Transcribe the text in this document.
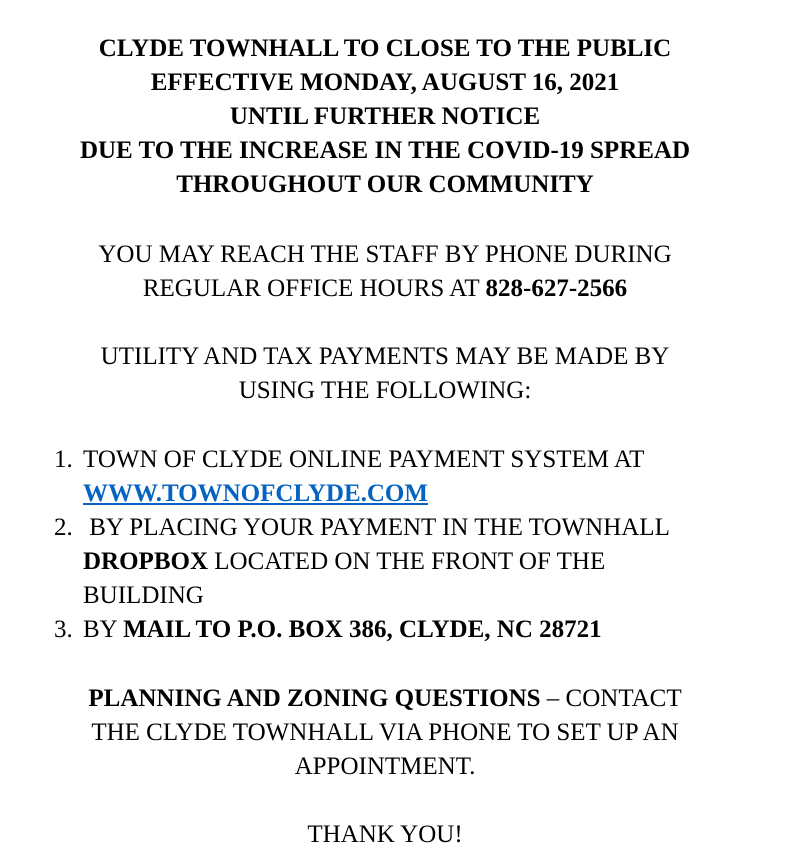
CLYDE TOWNHALL TO CLOSE TO THE PUBLIC
EFFECTIVE MONDAY, AUGUST 16, 2021
UNTIL FURTHER NOTICE
DUE TO THE INCREASE IN THE COVID-19 SPREAD
THROUGHOUT OUR COMMUNITY
YOU MAY REACH THE STAFF BY PHONE DURING
REGULAR OFFICE HOURS AT 828-627-2566
UTILITY AND TAX PAYMENTS MAY BE MADE BY
USING THE FOLLOWING:
1. TOWN OF CLYDE ONLINE PAYMENT SYSTEM AT
WWW.TOWNOFCLYDE.COM
2. BY PLACING YOUR PAYMENT IN THE TOWNHALL
DROPBOX LOCATED ON THE FRONT OF THE
BUILDING
3. BY MAIL TO P.O. BOX 386, CLYDE, NC 28721
PLANNING AND ZONING QUESTIONS – CONTACT
THE CLYDE TOWNHALL VIA PHONE TO SET UP AN
APPOINTMENT.
THANK YOU!
